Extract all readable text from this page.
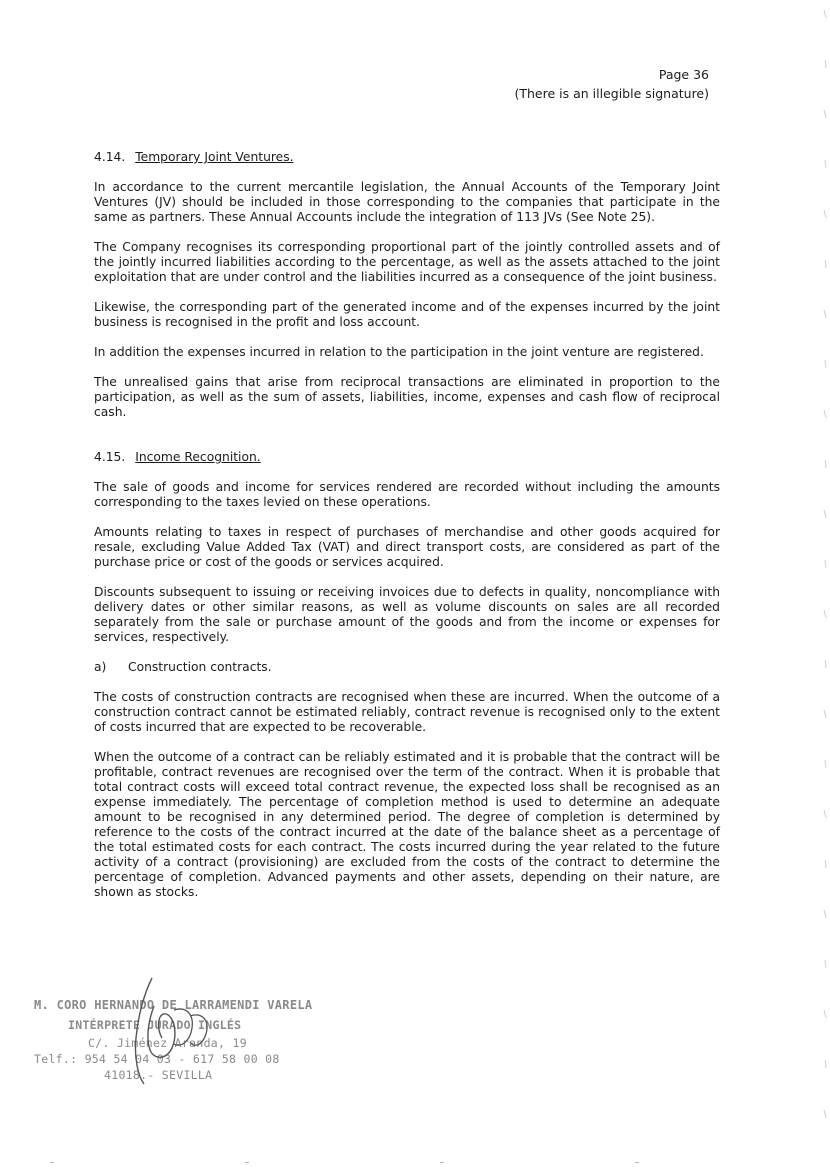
Page 36
(There is an illegible signature)
4.14. Temporary Joint Ventures.

In accordance to the current mercantile legislation, the Annual Accounts of the Temporary Joint Ventures (JV) should be included in those corresponding to the companies that participate in the same as partners. These Annual Accounts include the integration of 113 JVs (See Note 25).

The Company recognises its corresponding proportional part of the jointly controlled assets and of the jointly incurred liabilities according to the percentage, as well as the assets attached to the joint exploitation that are under control and the liabilities incurred as a consequence of the joint business.

Likewise, the corresponding part of the generated income and of the expenses incurred by the joint business is recognised in the profit and loss account.

In addition the expenses incurred in relation to the participation in the joint venture are registered.

The unrealised gains that arise from reciprocal transactions are eliminated in proportion to the participation, as well as the sum of assets, liabilities, income, expenses and cash flow of reciprocal cash.

4.15. Income Recognition.

The sale of goods and income for services rendered are recorded without including the amounts corresponding to the taxes levied on these operations.

Amounts relating to taxes in respect of purchases of merchandise and other goods acquired for resale, excluding Value Added Tax (VAT) and direct transport costs, are considered as part of the purchase price or cost of the goods or services acquired.

Discounts subsequent to issuing or receiving invoices due to defects in quality, noncompliance with delivery dates or other similar reasons, as well as volume discounts on sales are all recorded separately from the sale or purchase amount of the goods and from the income or expenses for services, respectively.

a) Construction contracts.

The costs of construction contracts are recognised when these are incurred. When the outcome of a construction contract cannot be estimated reliably, contract revenue is recognised only to the extent of costs incurred that are expected to be recoverable.

When the outcome of a contract can be reliably estimated and it is probable that the contract will be profitable, contract revenues are recognised over the term of the contract. When it is probable that total contract costs will exceed total contract revenue, the expected loss shall be recognised as an expense immediately. The percentage of completion method is used to determine an adequate amount to be recognised in any determined period. The degree of completion is determined by reference to the costs of the contract incurred at the date of the balance sheet as a percentage of the total estimated costs for each contract. The costs incurred during the year related to the future activity of a contract (provisioning) are excluded from the costs of the contract to determine the percentage of completion. Advanced payments and other assets, depending on their nature, are shown as stocks.

M. CORO HERNANDO DE LARRAMENDI VARELA
INTÉRPRETE JURADO INGLÉS
C/. Jiménez Aranda, 19
Telf.: 954 54 04 03 - 617 58 00 08
41018.- SEVILLA
